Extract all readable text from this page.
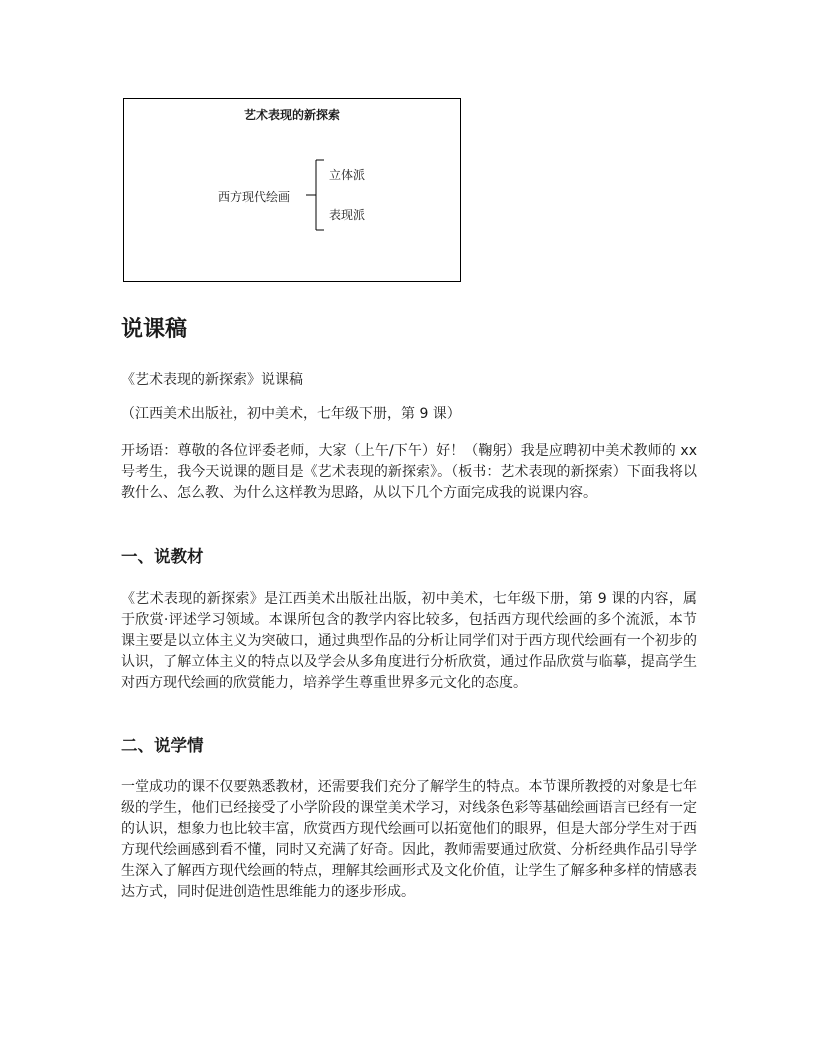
艺术表现的新探索
西方现代绘画
立体派
表现派
说课稿

《艺术表现的新探索》说课稿

（江西美术出版社，初中美术，七年级下册，第 9 课）

开场语：尊敬的各位评委老师，大家（上午/下午）好！（鞠躬）我是应聘初中美术教师的 xx 号考生，我今天说课的题目是《艺术表现的新探索》。（板书：艺术表现的新探索）下面我将以教什么、怎么教、为什么这样教为思路，从以下几个方面完成我的说课内容。

一、说教材

《艺术表现的新探索》是江西美术出版社出版，初中美术，七年级下册，第 9 课的内容，属于欣赏·评述学习领域。本课所包含的教学内容比较多，包括西方现代绘画的多个流派，本节课主要是以立体主义为突破口，通过典型作品的分析让同学们对于西方现代绘画有一个初步的认识，了解立体主义的特点以及学会从多角度进行分析欣赏，通过作品欣赏与临摹，提高学生对西方现代绘画的欣赏能力，培养学生尊重世界多元文化的态度。

二、说学情

一堂成功的课不仅要熟悉教材，还需要我们充分了解学生的特点。本节课所教授的对象是七年级的学生，他们已经接受了小学阶段的课堂美术学习，对线条色彩等基础绘画语言已经有一定的认识，想象力也比较丰富，欣赏西方现代绘画可以拓宽他们的眼界，但是大部分学生对于西方现代绘画感到看不懂，同时又充满了好奇。因此，教师需要通过欣赏、分析经典作品引导学生深入了解西方现代绘画的特点，理解其绘画形式及文化价值，让学生了解多种多样的情感表达方式，同时促进创造性思维能力的逐步形成。
